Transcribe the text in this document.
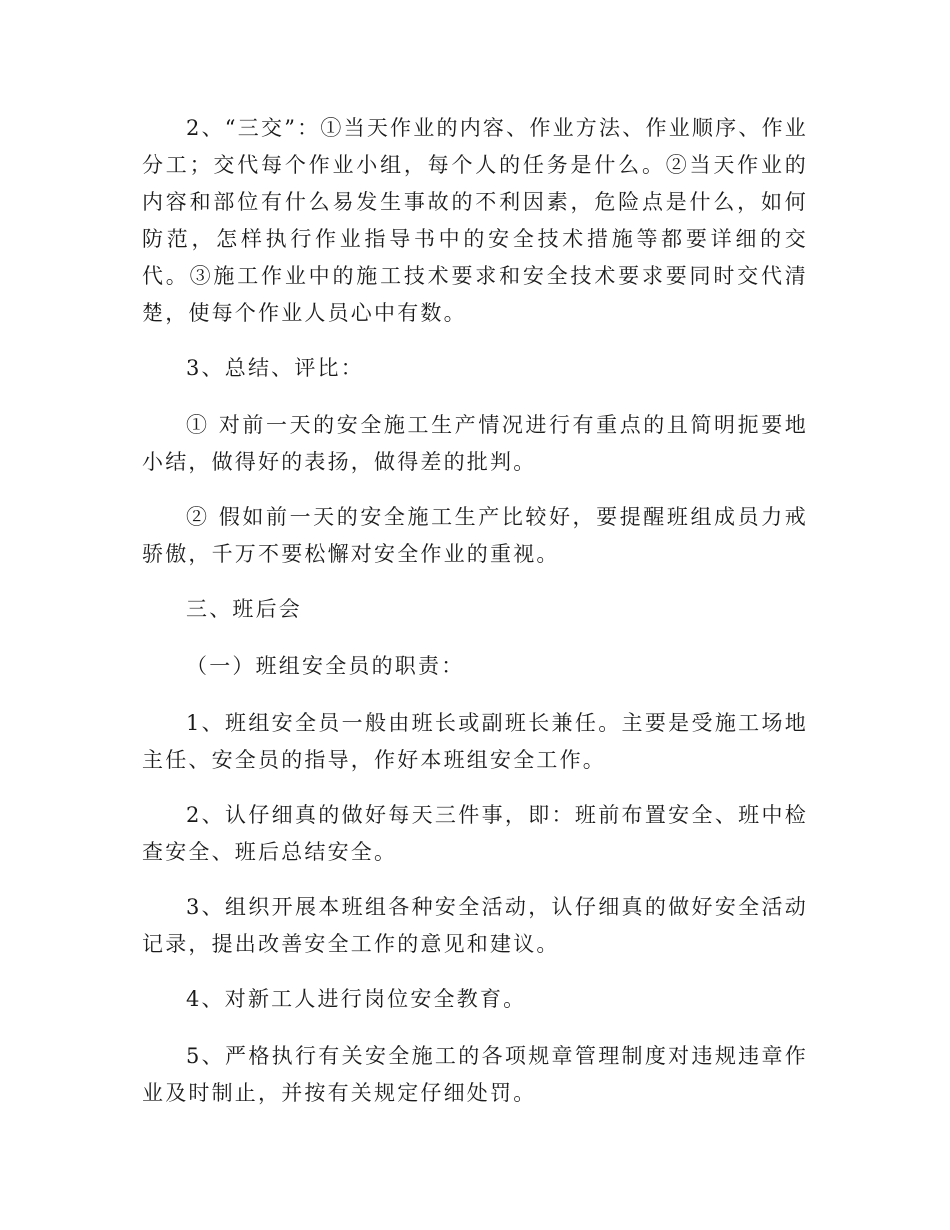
2、“三交”：①当天作业的内容、作业方法、作业顺序、作业分工；交代每个作业小组，每个人的任务是什么。②当天作业的内容和部位有什么易发生事故的不利因素，危险点是什么，如何防范，怎样执行作业指导书中的安全技术措施等都要详细的交代。③施工作业中的施工技术要求和安全技术要求要同时交代清楚，使每个作业人员心中有数。

3、总结、评比：

① 对前一天的安全施工生产情况进行有重点的且简明扼要地小结，做得好的表扬，做得差的批判。

② 假如前一天的安全施工生产比较好，要提醒班组成员力戒骄傲，千万不要松懈对安全作业的重视。

三、班后会

（一）班组安全员的职责：

1、班组安全员一般由班长或副班长兼任。主要是受施工场地主任、安全员的指导，作好本班组安全工作。

2、认仔细真的做好每天三件事，即：班前布置安全、班中检查安全、班后总结安全。

3、组织开展本班组各种安全活动，认仔细真的做好安全活动记录，提出改善安全工作的意见和建议。

4、对新工人进行岗位安全教育。

5、严格执行有关安全施工的各项规章管理制度对违规违章作业及时制止，并按有关规定仔细处罚。
